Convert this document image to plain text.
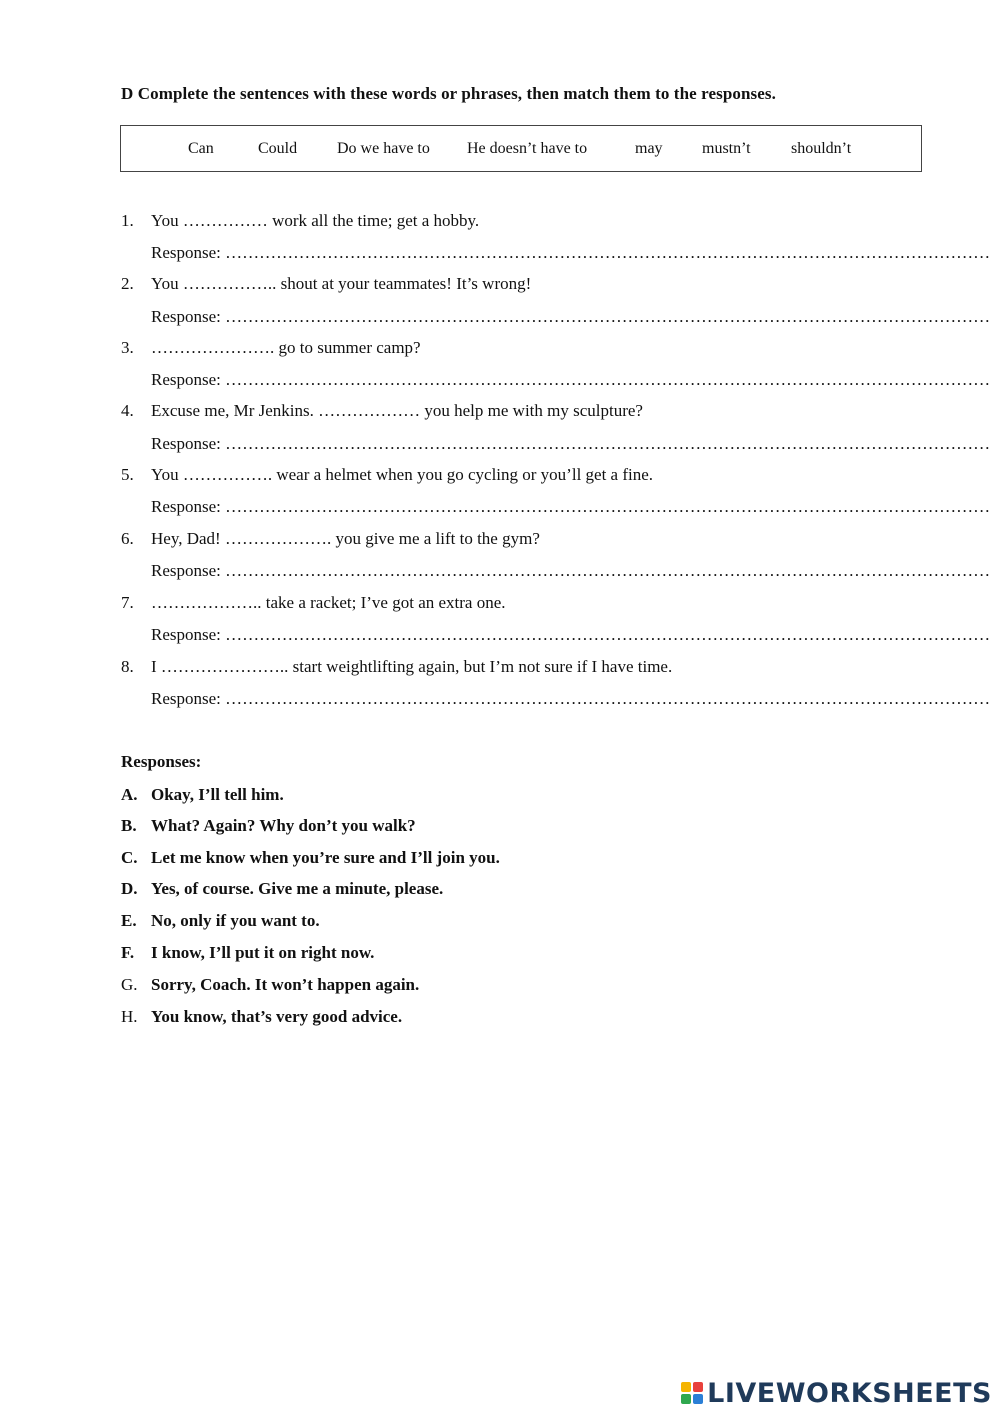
D Complete the sentences with these words or phrases, then match them to the responses.
Can	Could Do we have to He doesn’t have to	may mustn’t	shouldn’t
1. You …………… work all the time; get a hobby.
Response: ………………………………………………………………………………………………………………………
2. You …………….. shout at your teammates! It’s wrong!
Response: ………………………………………………………………………………………………………………………
3. …………………. go to summer camp?
Response: ………………………………………………………………………………………………………………………
4. Excuse me, Mr Jenkins. ……………… you help me with my sculpture?
Response: ………………………………………………………………………………………………………………………
5. You ……………. wear a helmet when you go cycling or you’ll get a fine.
Response: ………………………………………………………………………………………………………………………
6. Hey, Dad! ………………. you give me a lift to the gym?
Response: ………………………………………………………………………………………………………………………
7. ……………….. take a racket; I’ve got an extra one.
Response: ………………………………………………………………………………………………………………………
8. I ………………….. start weightlifting again, but I’m not sure if I have time.
Response: ………………………………………………………………………………………………………………………
Responses:
A. Okay, I’ll tell him.
B. What? Again? Why don’t you walk?
C. Let me know when you’re sure and I’ll join you.
D. Yes, of course. Give me a minute, please.
E. No, only if you want to.
F. I know, I’ll put it on right now.
G. Sorry, Coach. It won’t happen again.
H. You know, that’s very good advice.
LIVEWORKSHEETS
